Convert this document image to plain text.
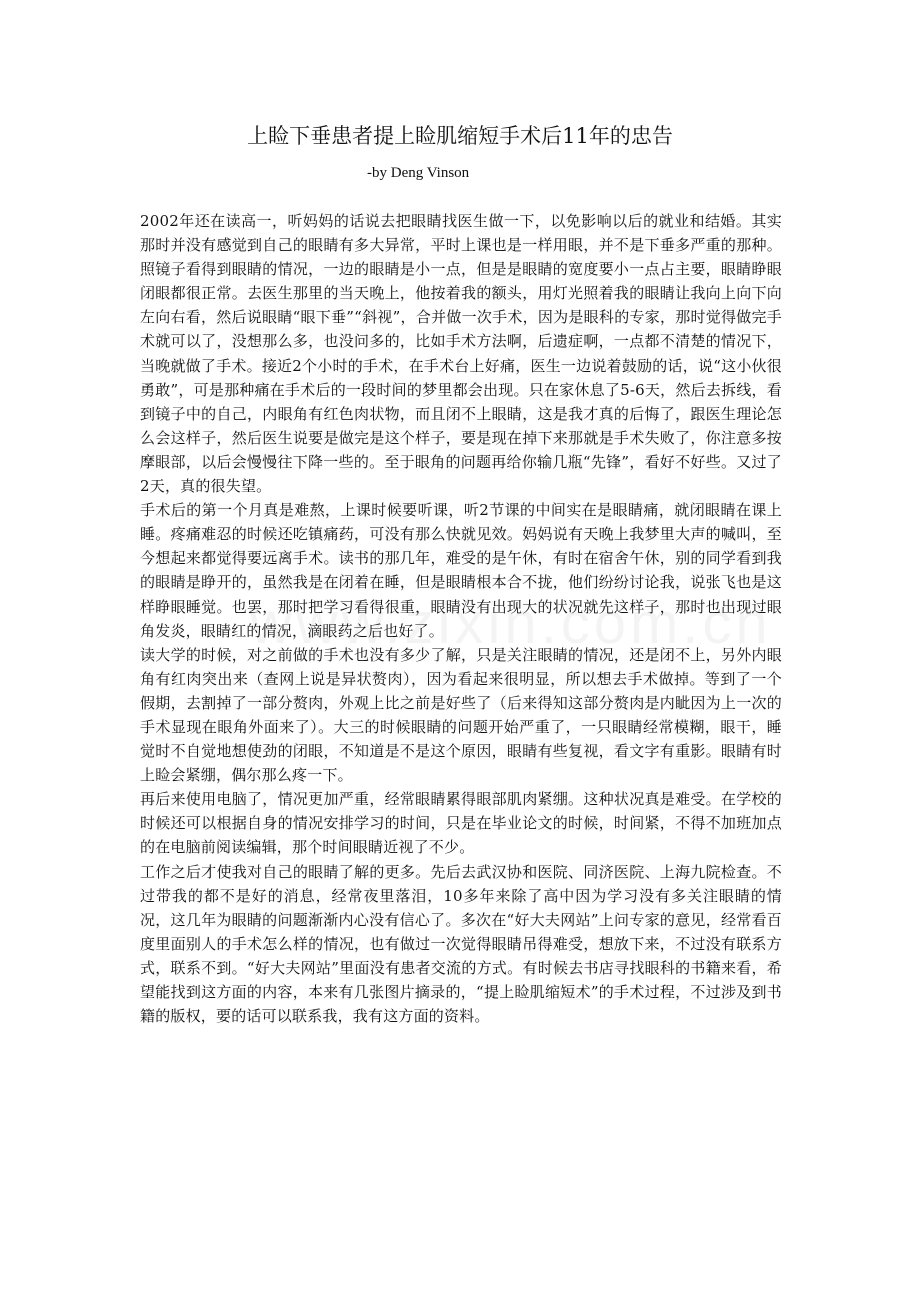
上睑下垂患者提上睑肌缩短手术后11年的忠告
-by Deng Vinson

2002年还在读高一，听妈妈的话说去把眼睛找医生做一下，以免影响以后的就业和结婚。其实那时并没有感觉到自己的眼睛有多大异常，平时上课也是一样用眼，并不是下垂多严重的那种。照镜子看得到眼睛的情况，一边的眼睛是小一点，但是是眼睛的宽度要小一点占主要，眼睛睁眼闭眼都很正常。去医生那里的当天晚上，他按着我的额头，用灯光照着我的眼睛让我向上向下向左向右看，然后说眼睛“眼下垂”“斜视”，合并做一次手术，因为是眼科的专家，那时觉得做完手术就可以了，没想那么多，也没问多的，比如手术方法啊，后遗症啊，一点都不清楚的情况下，当晚就做了手术。接近2个小时的手术，在手术台上好痛，医生一边说着鼓励的话，说“这小伙很勇敢”，可是那种痛在手术后的一段时间的梦里都会出现。只在家休息了5-6天，然后去拆线，看到镜子中的自己，内眼角有红色肉状物，而且闭不上眼睛，这是我才真的后悔了，跟医生理论怎么会这样子，然后医生说要是做完是这个样子，要是现在掉下来那就是手术失败了，你注意多按摩眼部，以后会慢慢往下降一些的。至于眼角的问题再给你输几瓶“先锋”，看好不好些。又过了2天，真的很失望。

手术后的第一个月真是难熬，上课时候要听课，听2节课的中间实在是眼睛痛，就闭眼睛在课上睡。疼痛难忍的时候还吃镇痛药，可没有那么快就见效。妈妈说有天晚上我梦里大声的喊叫，至今想起来都觉得要远离手术。读书的那几年，难受的是午休，有时在宿舍午休，别的同学看到我的眼睛是睁开的，虽然我是在闭着在睡，但是眼睛根本合不拢，他们纷纷讨论我，说张飞也是这样睁眼睡觉。也罢，那时把学习看得很重，眼睛没有出现大的状况就先这样子，那时也出现过眼角发炎，眼睛红的情况，滴眼药之后也好了。

读大学的时候，对之前做的手术也没有多少了解，只是关注眼睛的情况，还是闭不上，另外内眼角有红肉突出来（查网上说是异状赘肉），因为看起来很明显，所以想去手术做掉。等到了一个假期，去割掉了一部分赘肉，外观上比之前是好些了（后来得知这部分赘肉是内眦因为上一次的手术显现在眼角外面来了）。大三的时候眼睛的问题开始严重了，一只眼睛经常模糊，眼干，睡觉时不自觉地想使劲的闭眼，不知道是不是这个原因，眼睛有些复视，看文字有重影。眼睛有时上睑会紧绷，偶尔那么疼一下。

再后来使用电脑了，情况更加严重，经常眼睛累得眼部肌肉紧绷。这种状况真是难受。在学校的时候还可以根据自身的情况安排学习的时间，只是在毕业论文的时候，时间紧，不得不加班加点的在电脑前阅读编辑，那个时间眼睛近视了不少。

工作之后才使我对自己的眼睛了解的更多。先后去武汉协和医院、同济医院、上海九院检查。不过带我的都不是好的消息，经常夜里落泪，10多年来除了高中因为学习没有多关注眼睛的情况，这几年为眼睛的问题渐渐内心没有信心了。多次在“好大夫网站”上问专家的意见，经常看百度里面别人的手术怎么样的情况，也有做过一次觉得眼睛吊得难受，想放下来，不过没有联系方式，联系不到。“好大夫网站”里面没有患者交流的方式。有时候去书店寻找眼科的书籍来看，希望能找到这方面的内容，本来有几张图片摘录的，“提上睑肌缩短术”的手术过程，不过涉及到书籍的版权，要的话可以联系我，我有这方面的资料。
